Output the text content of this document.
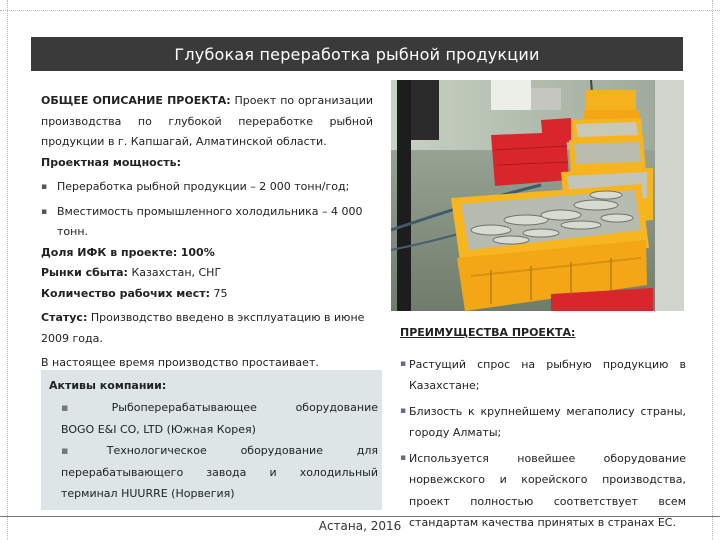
Глубокая переработка рыбной продукции

ОБЩЕЕ ОПИСАНИЕ ПРОЕКТА: Проект по организации производства по глубокой переработке рыбной продукции в г. Капшагай, Алматинской области.

Проектная мощность:

▪ Переработка рыбной продукции – 2 000 тонн/год;
▪ Вместимость промышленного холодильника – 4 000 тонн.

Доля ИФК в проекте: 100%

Рынки сбыта: Казахстан, СНГ

Количество рабочих мест: 75

Статус: Производство введено в эксплуатацию в июне 2009 года.

В настоящее время производство простаивает.

Активы компании:
▪ Рыбоперерабатывающее оборудование
BOGO E&I CO, LTD (Южная Корея)
▪ Технологическое оборудование для
перерабатывающего завода и холодильный
терминал HUURRE (Норвегия)
ПРЕИМУЩЕСТВА ПРОЕКТА:
▪ Растущий спрос на рыбную продукцию в Казахстане;
▪ Близость к крупнейшему мегаполису страны, городу Алматы;
▪ Используется новейшее оборудование норвежского и корейского производства, проект полностью соответствует всем стандартам качества принятых в странах ЕС.
Астана, 2016
